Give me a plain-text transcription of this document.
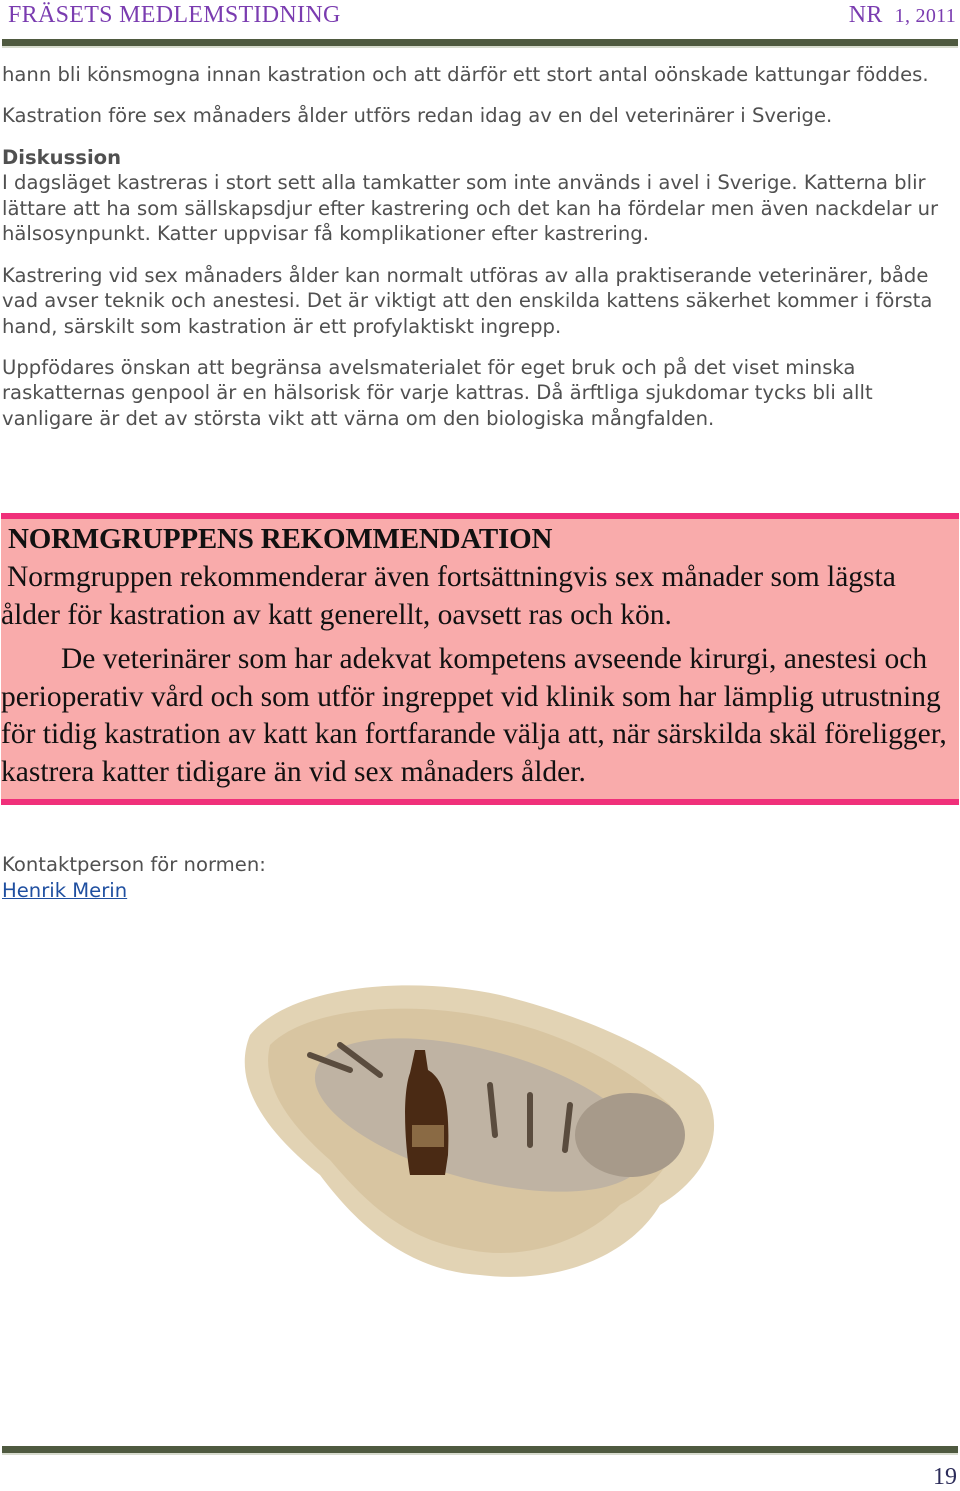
FRÄSETS MEDLEMSTIDNING	NR 1, 2011

hann bli könsmogna innan kastration och att därför ett stort antal oönskade kattungar föddes.

Kastration före sex månaders ålder utförs redan idag av en del veterinärer i Sverige.

Diskussion
I dagsläget kastreras i stort sett alla tamkatter som inte används i avel i Sverige. Katterna blir lättare att ha som sällskapsdjur efter kastrering och det kan ha fördelar men även nackdelar ur hälsosynpunkt. Katter uppvisar få komplikationer efter kastrering.

Kastrering vid sex månaders ålder kan normalt utföras av alla praktiserande veterinärer, både vad avser teknik och anestesi. Det är viktigt att den enskilda kattens säkerhet kommer i första hand, särskilt som kastration är ett profylaktiskt ingrepp.

Uppfödares önskan att begränsa avelsmaterialet för eget bruk och på det viset minska raskatternas genpool är en hälsorisk för varje kattras. Då ärftliga sjukdomar tycks bli allt vanligare är det av största vikt att värna om den biologiska mångfalden.

NORMGRUPPENS REKOMMENDATION

Normgruppen rekommenderar även fortsättningvis sex månader som lägsta ålder för kastration av katt generellt, oavsett ras och kön.

De veterinärer som har adekvat kompetens avseende kirurgi, anestesi och perioperativ vård och som utför ingreppet vid klinik som har lämplig utrustning för tidig kastration av katt kan fortfarande välja att, när särskilda skäl föreligger, kastrera katter tidigare än vid sex månaders ålder.

Kontaktperson för normen:
Henrik Merin
19
